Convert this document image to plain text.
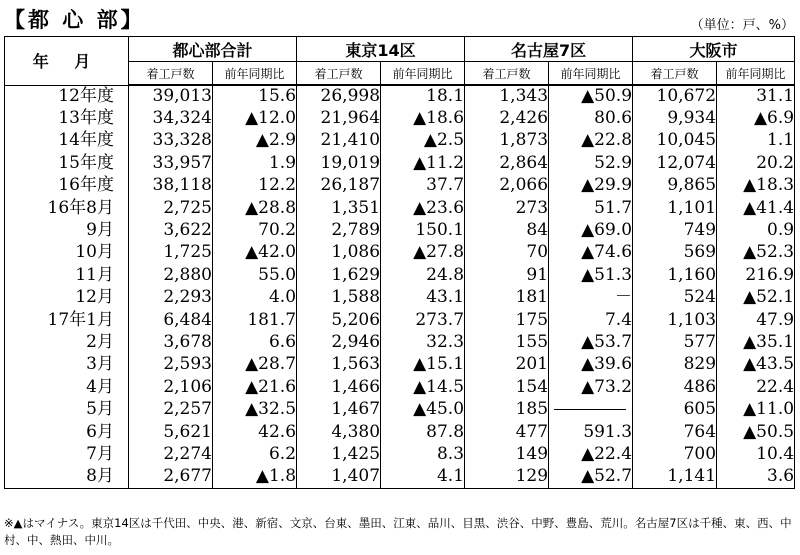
【都 心 部】	（単位：戸、%）
年 月	都心部合計		東京14区		名古屋7区		大阪市	
	着工戸数	前年同期比	着工戸数	前年同期比	着工戸数	前年同期比	着工戸数	前年同期比
12年度	39,013	15.6	26,998	18.1	1,343	▲50.9	10,672	31.1
13年度	34,324	▲12.0	21,964	▲18.6	2,426	80.6	9,934	▲6.9
14年度	33,328	▲2.9	21,410	▲2.5	1,873	▲22.8	10,045	1.1
15年度	33,957	1.9	19,019	▲11.2	2,864	52.9	12,074	20.2
16年度	38,118	12.2	26,187	37.7	2,066	▲29.9	9,865	▲18.3
16年8月	2,725	▲28.8	1,351	▲23.6	273	51.7	1,101	▲41.4
9月	3,622	70.2	2,789	150.1	84	▲69.0	749	0.9
10月	1,725	▲42.0	1,086	▲27.8	70	▲74.6	569	▲52.3
11月	2,880	55.0	1,629	24.8	91	▲51.3	1,160	216.9
12月	2,293	4.0	1,588	43.1	181	－	524	▲52.1
17年1月	6,484	181.7	5,206	273.7	175	7.4	1,103	47.9
2月	3,678	6.6	2,946	32.3	155	▲53.7	577	▲35.1
3月	2,593	▲28.7	1,563	▲15.1	201	▲39.6	829	▲43.5
4月	2,106	▲21.6	1,466	▲14.5	154	▲73.2	486	22.4
5月	2,257	▲32.5	1,467	▲45.0	185		605	▲11.0
6月	5,621	42.6	4,380	87.8	477	591.3	764	▲50.5
7月	2,274	6.2	1,425	8.3	149	▲22.4	700	10.4
8月	2,677	▲1.8	1,407	4.1	129	▲52.7	1,141	3.6
※▲はマイナス。東京14区は千代田、中央、港、新宿、文京、台東、墨田、江東、品川、目黒、渋谷、中野、豊島、荒川。名古屋7区は千種、東、西、中村、中、熱田、中川。
